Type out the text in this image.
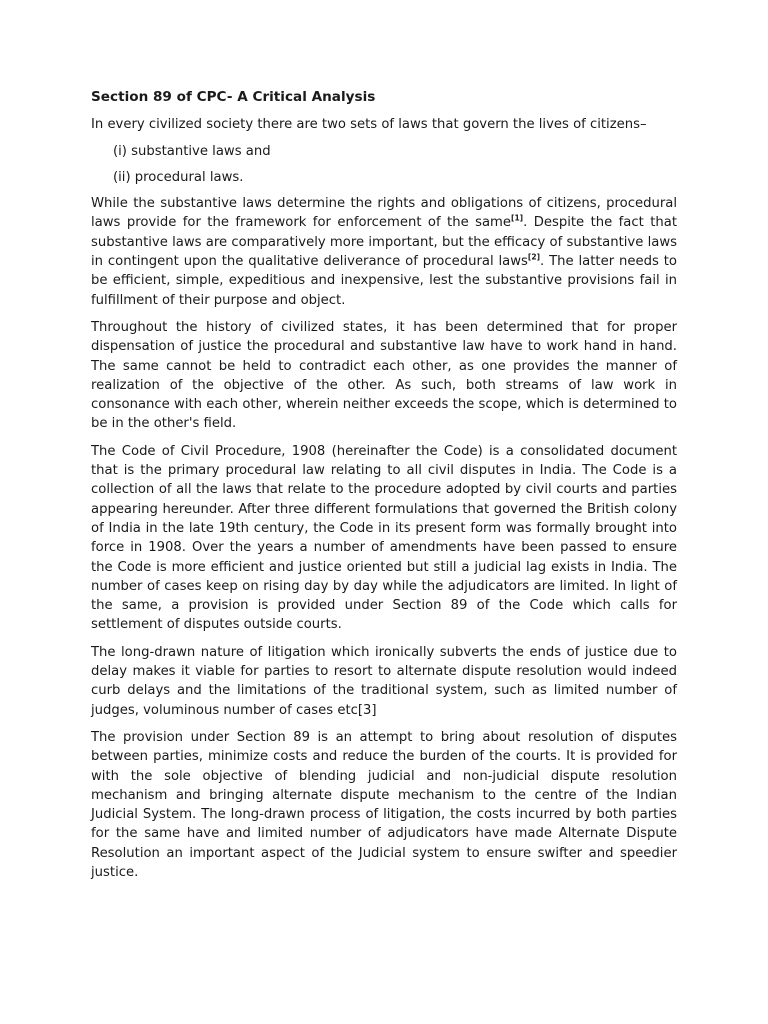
Section 89 of CPC- A Critical Analysis

In every civilized society there are two sets of laws that govern the lives of citizens–

(i) substantive laws and

(ii) procedural laws.

While the substantive laws determine the rights and obligations of citizens, procedural laws provide for the framework for enforcement of the same[1]. Despite the fact that substantive laws are comparatively more important, but the efficacy of substantive laws in contingent upon the qualitative deliverance of procedural laws[2]. The latter needs to be efficient, simple, expeditious and inexpensive, lest the substantive provisions fail in fulfillment of their purpose and object.

Throughout the history of civilized states, it has been determined that for proper dispensation of justice the procedural and substantive law have to work hand in hand. The same cannot be held to contradict each other, as one provides the manner of realization of the objective of the other. As such, both streams of law work in consonance with each other, wherein neither exceeds the scope, which is determined to be in the other's field.

The Code of Civil Procedure, 1908 (hereinafter the Code) is a consolidated document that is the primary procedural law relating to all civil disputes in India. The Code is a collection of all the laws that relate to the procedure adopted by civil courts and parties appearing hereunder. After three different formulations that governed the British colony of India in the late 19th century, the Code in its present form was formally brought into force in 1908. Over the years a number of amendments have been passed to ensure the Code is more efficient and justice oriented but still a judicial lag exists in India. The number of cases keep on rising day by day while the adjudicators are limited. In light of the same, a provision is provided under Section 89 of the Code which calls for settlement of disputes outside courts.

The long-drawn nature of litigation which ironically subverts the ends of justice due to delay makes it viable for parties to resort to alternate dispute resolution would indeed curb delays and the limitations of the traditional system, such as limited number of judges, voluminous number of cases etc[3]

The provision under Section 89 is an attempt to bring about resolution of disputes between parties, minimize costs and reduce the burden of the courts. It is provided for with the sole objective of blending judicial and non-judicial dispute resolution mechanism and bringing alternate dispute mechanism to the centre of the Indian Judicial System. The long-drawn process of litigation, the costs incurred by both parties for the same have and limited number of adjudicators have made Alternate Dispute Resolution an important aspect of the Judicial system to ensure swifter and speedier justice.
